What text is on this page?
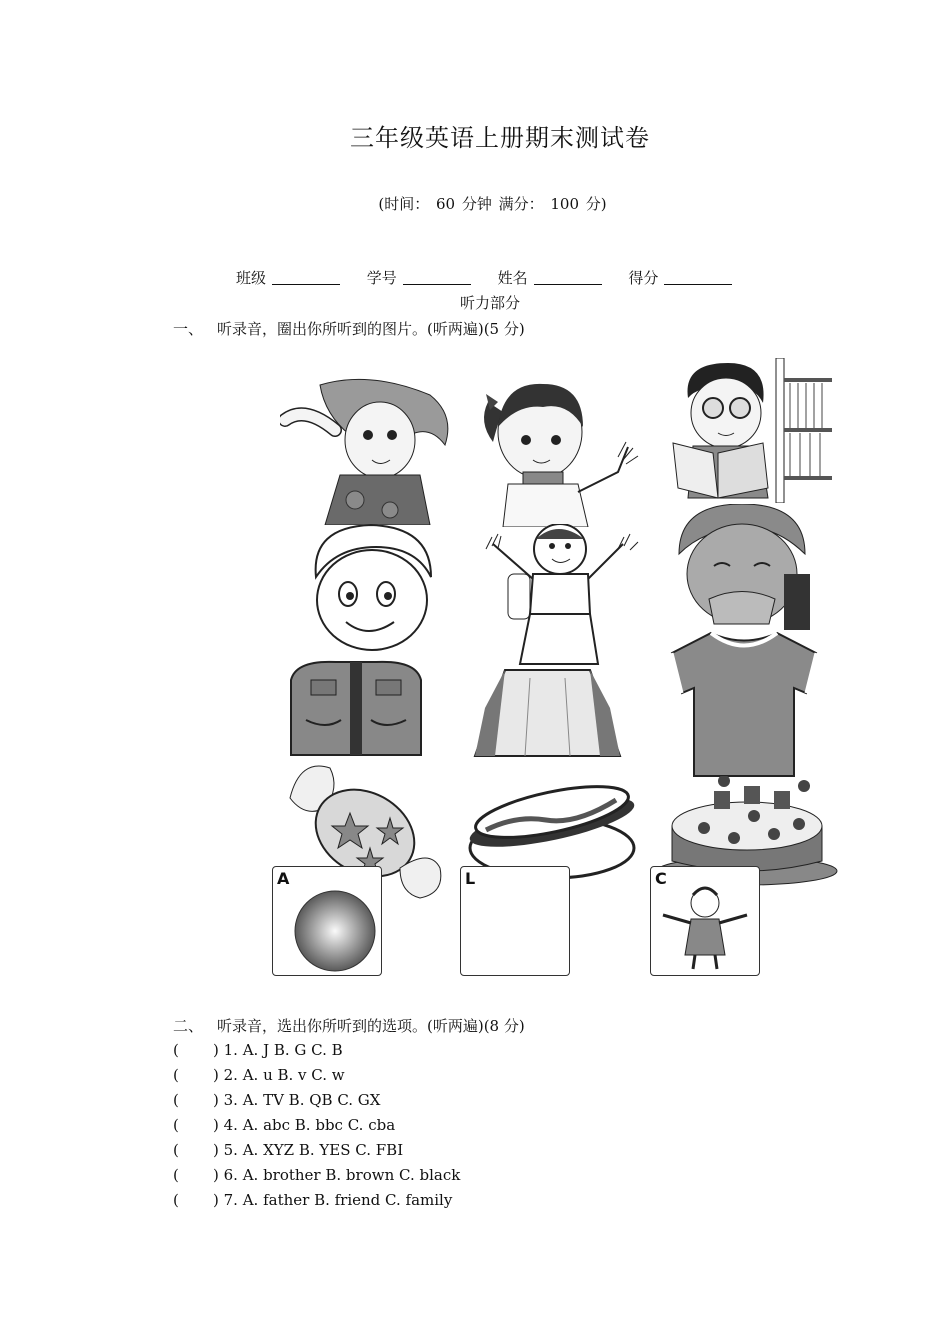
三年级英语上册期末测试卷
(时间： 60 分钟 满分： 100 分)
班级	学号	姓名	得分
听力部分
一、 听录音，圈出你所听到的图片。(听两遍)(5 分)
A	L	C
二、 听录音，选出你所听到的选项。(听两遍)(8 分)
( ) 1. A. J B. G C. B
( ) 2. A. u B. v C. w
( ) 3. A. TV B. QB C. GX
( ) 4. A. abc B. bbc C. cba
( ) 5. A. XYZ B. YES C. FBI
( ) 6. A. brother B. brown C. black
( ) 7. A. father B. friend C. family
